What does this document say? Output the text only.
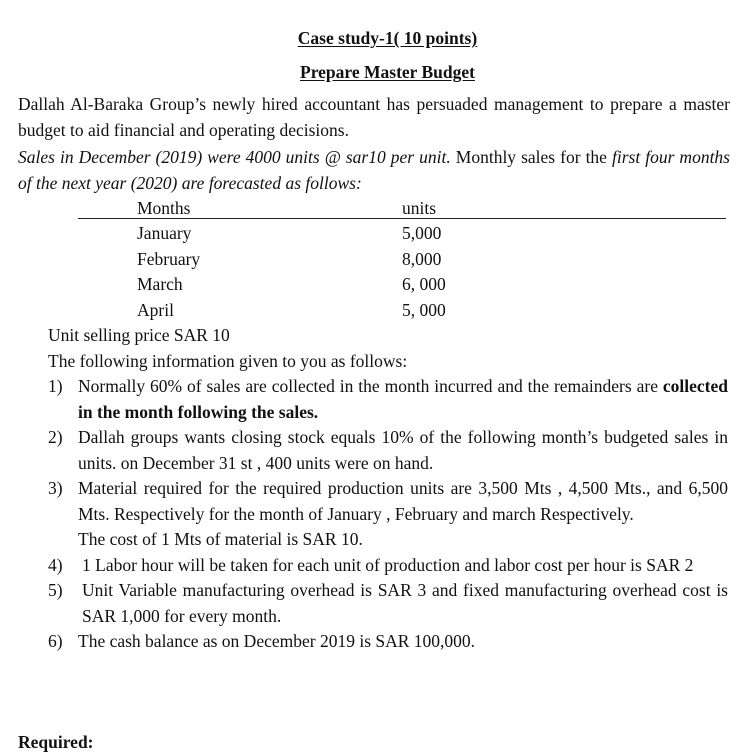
Case study-1( 10 points)
Prepare Master Budget
Dallah Al-Baraka Group’s newly hired accountant has persuaded management to prepare a master budget to aid financial and operating decisions.
Sales in December (2019) were 4000 units @ sar10 per unit. Monthly sales for the first four months of the next year (2020) are forecasted as follows:
Months	units
January	5,000
February	8,000
March	6, 000
April	5, 000
Unit selling price SAR 10
The following information given to you as follows:
1) Normally 60% of sales are collected in the month incurred and the remainders are collected in the month following the sales.
2) Dallah groups wants closing stock equals 10% of the following month’s budgeted sales in units. on December 31 st , 400 units were on hand.
3) Material required for the required production units are 3,500 Mts , 4,500 Mts., and 6,500 Mts. Respectively for the month of January , February and march Respectively.
The cost of 1 Mts of material is SAR 10.
4)	1 Labor hour will be taken for each unit of production and labor cost per hour is SAR 2
5)	Unit Variable manufacturing overhead is SAR 3 and fixed manufacturing overhead cost is SAR 1,000 for every month.
6) The cash balance as on December 2019 is SAR 100,000.
Required:
